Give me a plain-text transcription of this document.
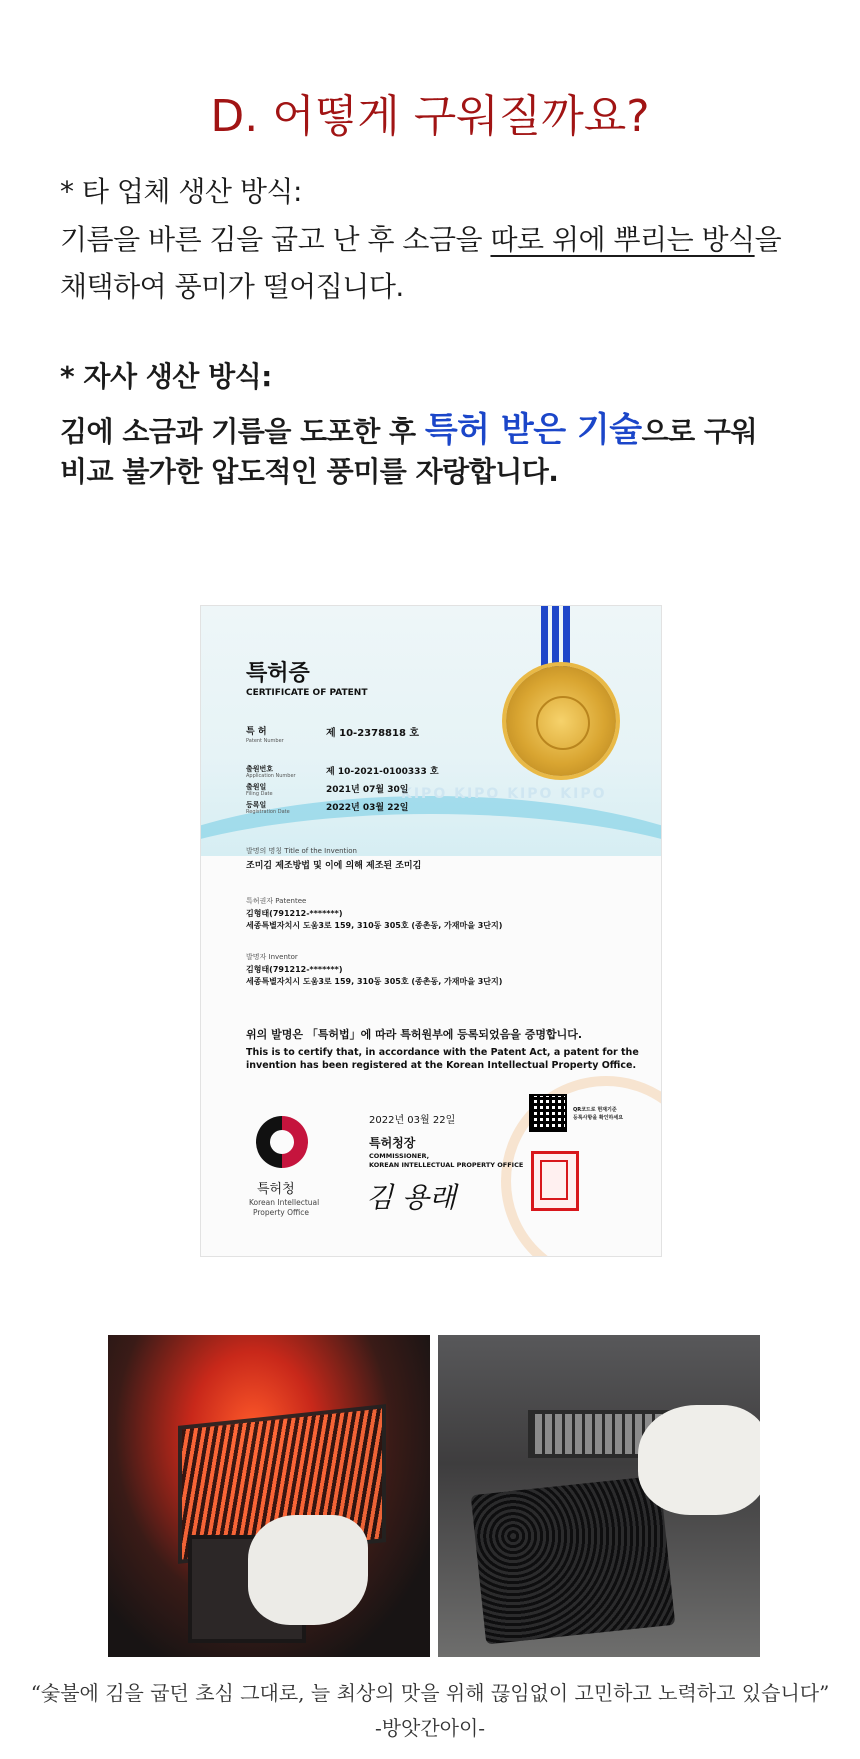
D. 어떻게 구워질까요?
* 타 업체 생산 방식:
기름을 바른 김을 굽고 난 후 소금을 따로 위에 뿌리는 방식을
채택하여 풍미가 떨어집니다.
* 자사 생산 방식:
김에 소금과 기름을 도포한 후 특허 받은 기술으로 구워
비교 불가한 압도적인 풍미를 자랑합니다.
KIPO KIPO KIPO KIPO
특허증
CERTIFICATE OF PATENT
특 허
Patent Number
제 10-2378818 호
출원번호
Application Number	제 10-2021-0100333 호
출원일
Filing Date	2021년 07월 30일
등록일
Registration Date	2022년 03월 22일
발명의 명칭 Title of the Invention
조미김 제조방법 및 이에 의해 제조된 조미김
특허권자 Patentee
김형태(791212-*******)
세종특별자치시 도움3로 159, 310동 305호 (종촌동, 가재마을 3단지)
발명자 Inventor
김형태(791212-*******)
세종특별자치시 도움3로 159, 310동 305호 (종촌동, 가재마을 3단지)
위의 발명은 「특허법」에 따라 특허원부에 등록되었음을 증명합니다.
This is to certify that, in accordance with the Patent Act, a patent for the
invention has been registered at the Korean Intellectual Property Office.
2022년 03월 22일
QR코드로 현재기준
등록사항을 확인하세요
특허청장
COMMISSIONER,
KOREAN INTELLECTUAL PROPERTY OFFICE
김 용래
특허청
Korean Intellectual
Property Office
“숯불에 김을 굽던 초심 그대로, 늘 최상의 맛을 위해 끊임없이 고민하고 노력하고 있습니다”
-방앗간아이-
